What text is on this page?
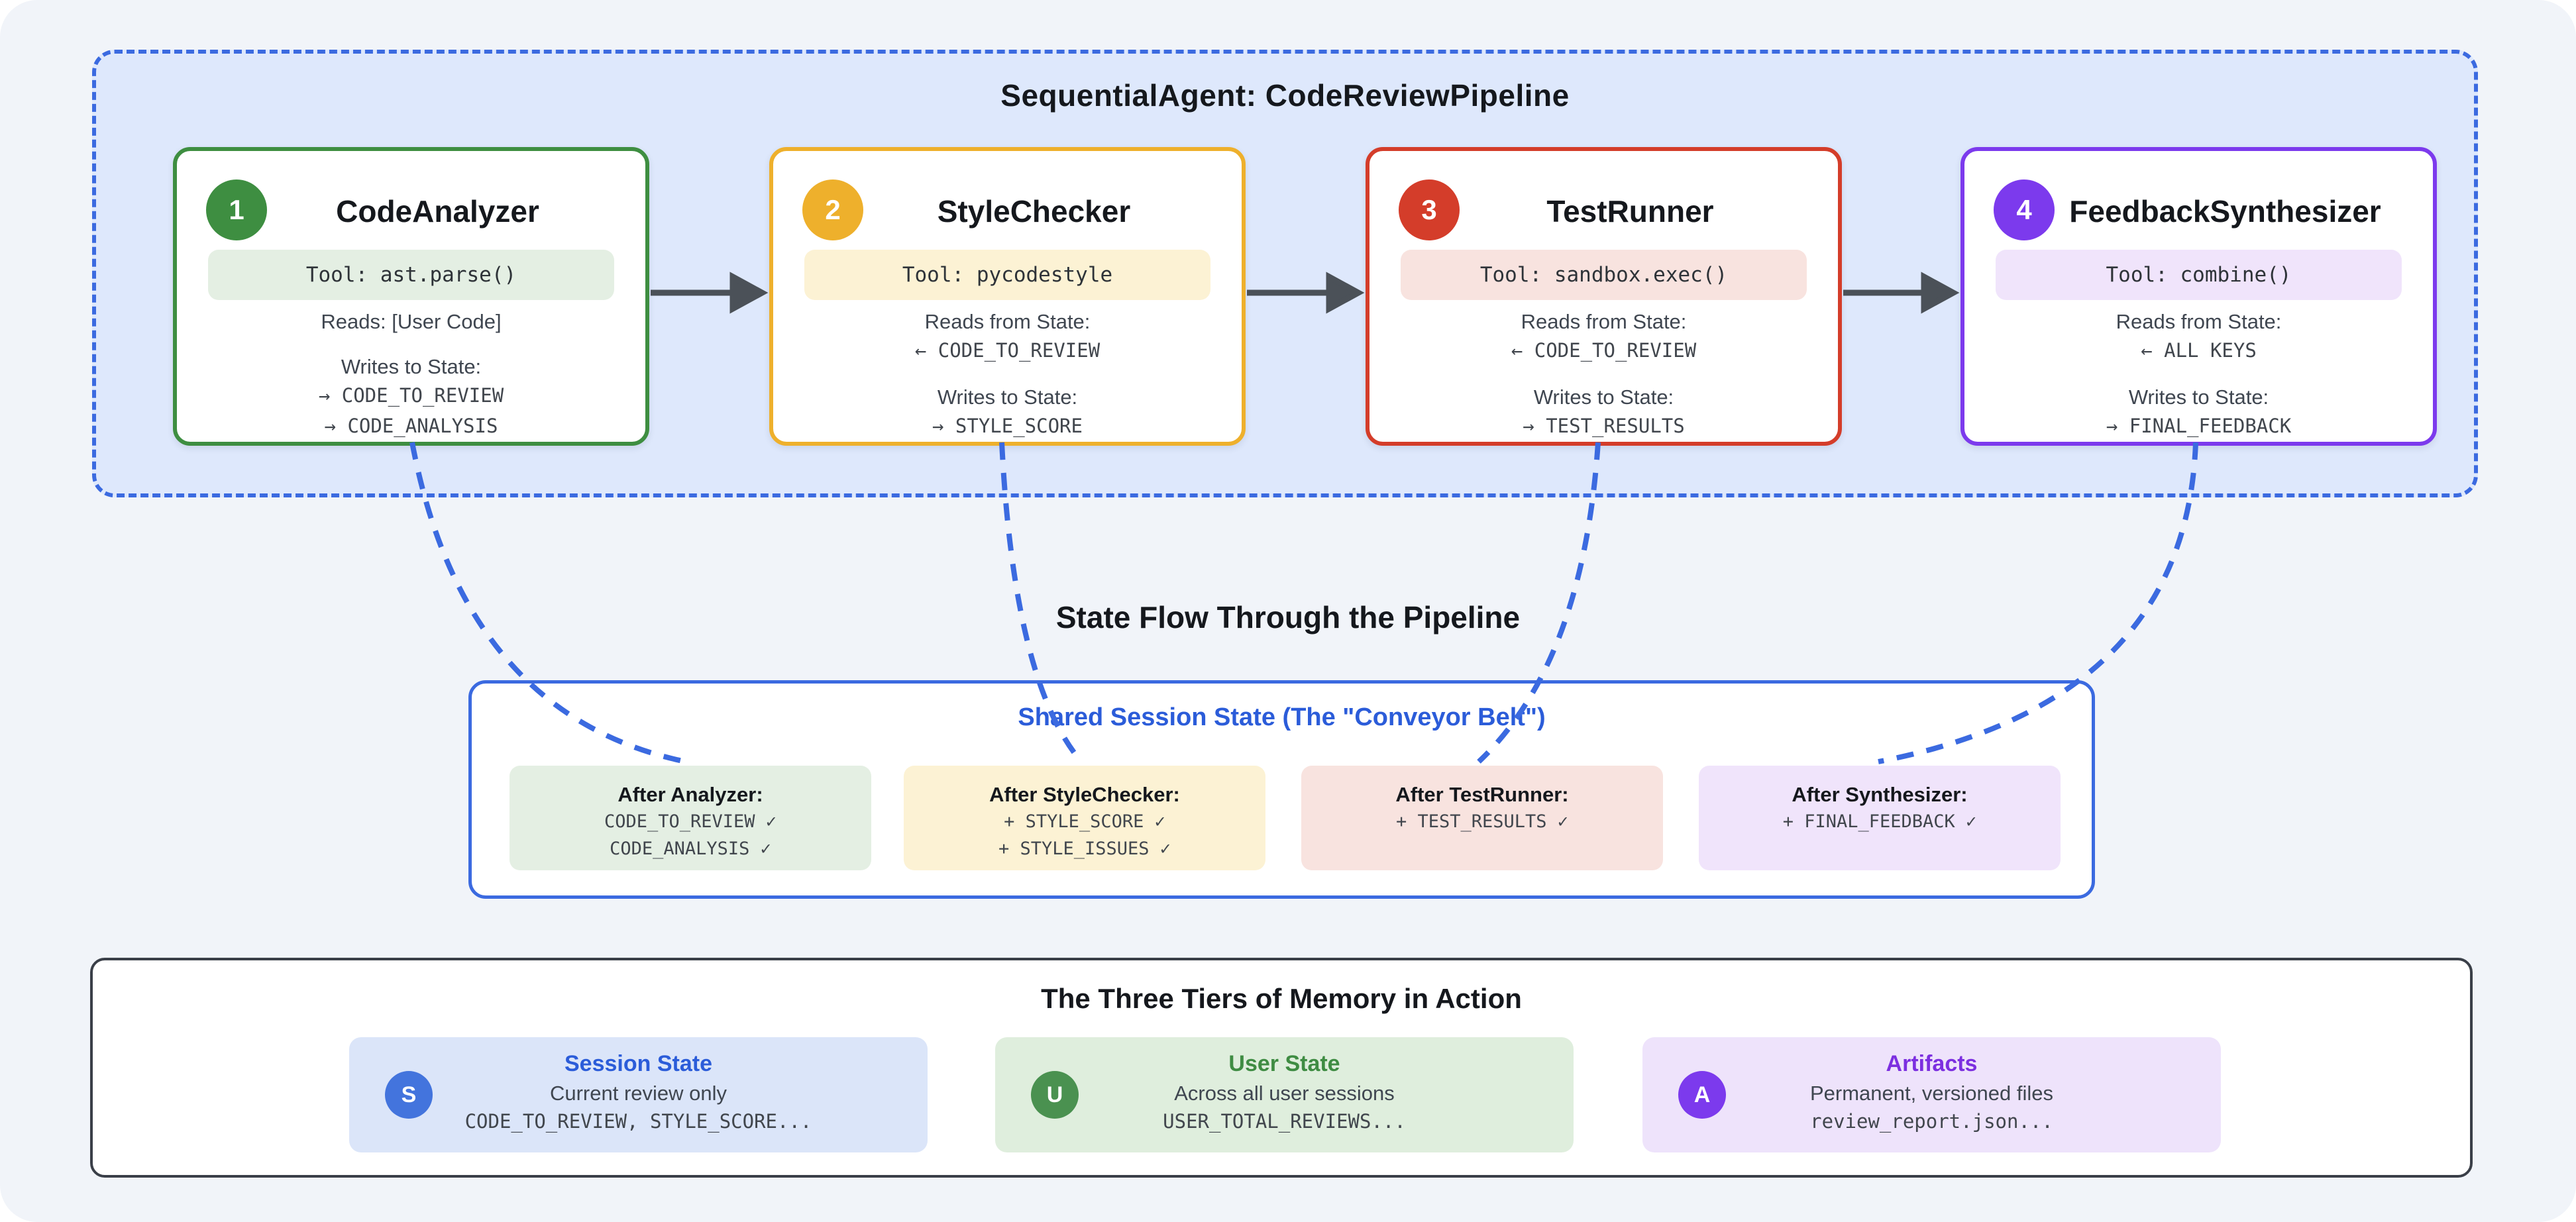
SequentialAgent: CodeReviewPipeline
1	CodeAnalyzer
Tool: ast.parse()
Reads: [User Code]
Writes to State:
→ CODE_TO_REVIEW
→ CODE_ANALYSIS
2	StyleChecker
Tool: pycodestyle
Reads from State:
← CODE_TO_REVIEW
Writes to State:
→ STYLE_SCORE
3	TestRunner
Tool: sandbox.exec()
Reads from State:
← CODE_TO_REVIEW
Writes to State:
→ TEST_RESULTS
4	FeedbackSynthesizer
Tool: combine()
Reads from State:
← ALL KEYS
Writes to State:
→ FINAL_FEEDBACK
State Flow Through the Pipeline
Shared Session State (The "Conveyor Belt")
After Analyzer:
CODE_TO_REVIEW ✓
CODE_ANALYSIS ✓
After StyleChecker:
+ STYLE_SCORE ✓
+ STYLE_ISSUES ✓
After TestRunner:
+ TEST_RESULTS ✓
After Synthesizer:
+ FINAL_FEEDBACK ✓
The Three Tiers of Memory in Action
S
Session State
Current review only
CODE_TO_REVIEW, STYLE_SCORE...
U
User State
Across all user sessions
USER_TOTAL_REVIEWS...
A
Artifacts
Permanent, versioned files
review_report.json...
